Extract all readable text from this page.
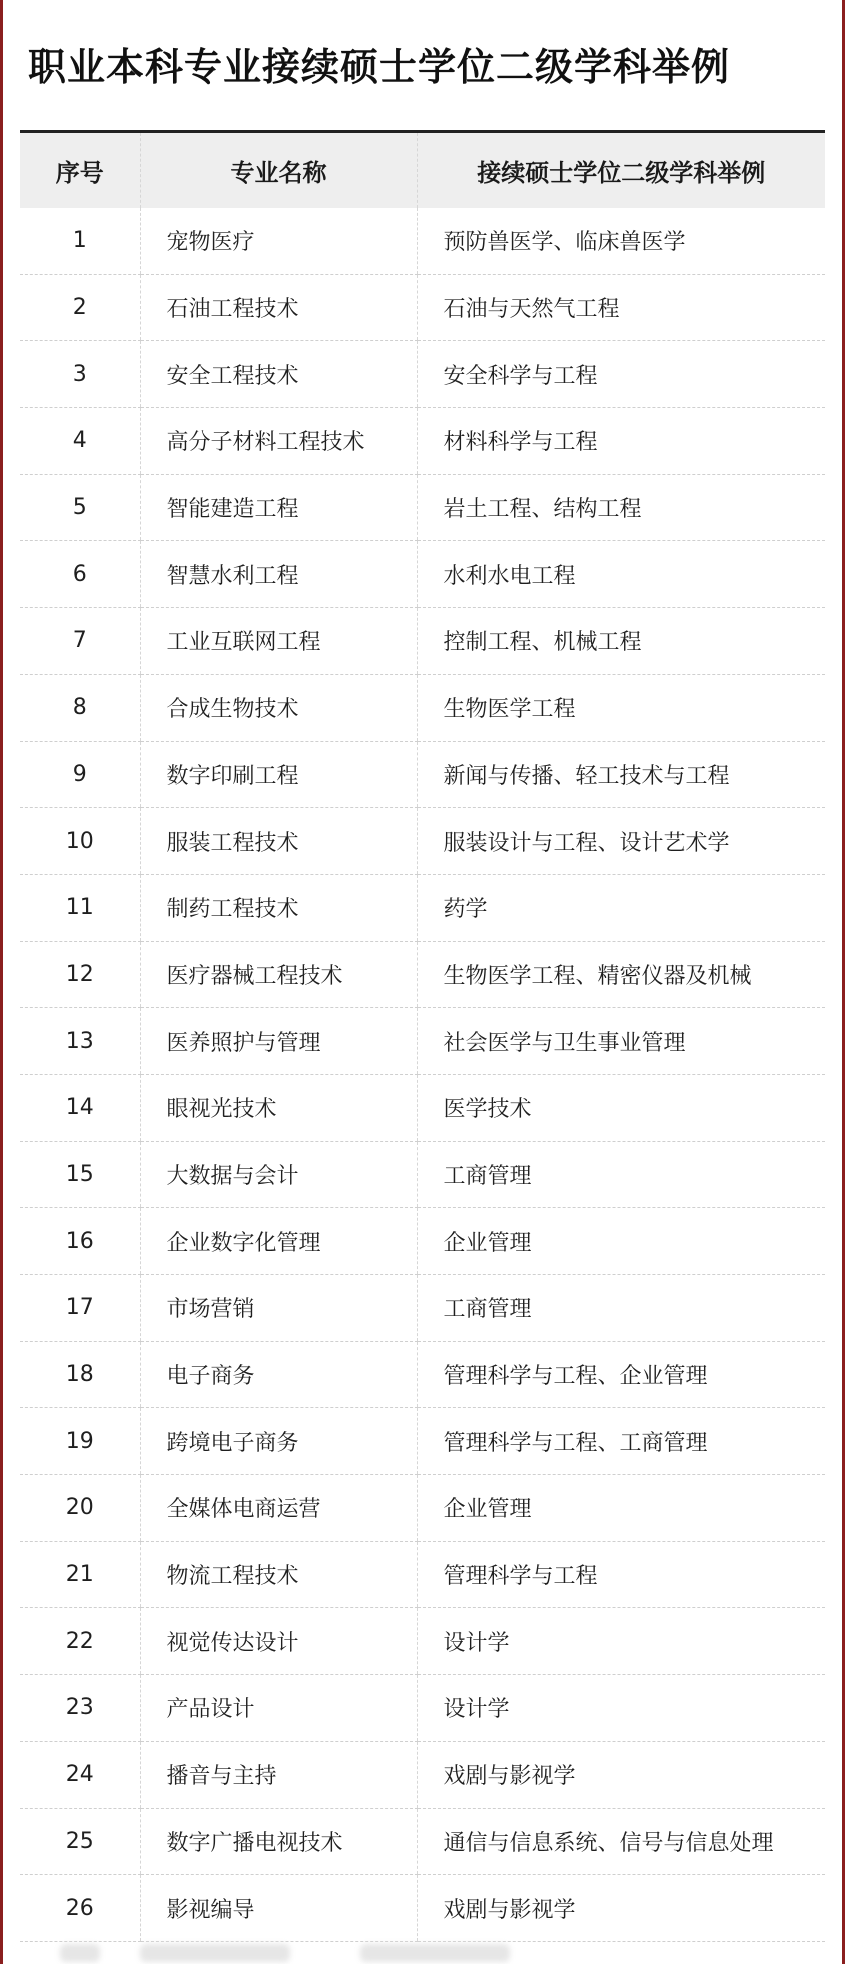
职业本科专业接续硕士学位二级学科举例
序号	专业名称	接续硕士学位二级学科举例
1	宠物医疗	预防兽医学、临床兽医学
2	石油工程技术	石油与天然气工程
3	安全工程技术	安全科学与工程
4	高分子材料工程技术	材料科学与工程
5	智能建造工程	岩土工程、结构工程
6	智慧水利工程	水利水电工程
7	工业互联网工程	控制工程、机械工程
8	合成生物技术	生物医学工程
9	数字印刷工程	新闻与传播、轻工技术与工程
10	服装工程技术	服装设计与工程、设计艺术学
11	制药工程技术	药学
12	医疗器械工程技术	生物医学工程、精密仪器及机械
13	医养照护与管理	社会医学与卫生事业管理
14	眼视光技术	医学技术
15	大数据与会计	工商管理
16	企业数字化管理	企业管理
17	市场营销	工商管理
18	电子商务	管理科学与工程、企业管理
19	跨境电子商务	管理科学与工程、工商管理
20	全媒体电商运营	企业管理
21	物流工程技术	管理科学与工程
22	视觉传达设计	设计学
23	产品设计	设计学
24	播音与主持	戏剧与影视学
25	数字广播电视技术	通信与信息系统、信号与信息处理
26	影视编导	戏剧与影视学
